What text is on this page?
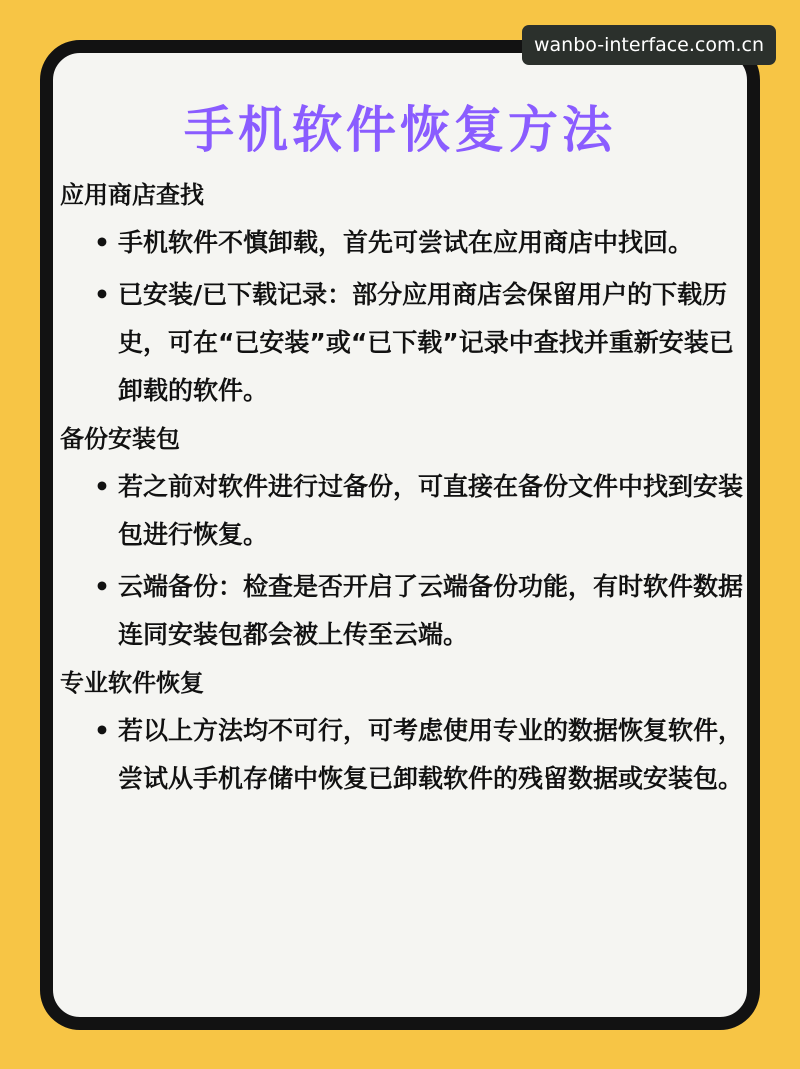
wanbo-interface.com.cn
手机软件恢复方法
应用商店查找
• 手机软件不慎卸载，首先可尝试在应用商店中找回。
• 已安装/已下载记录：部分应用商店会保留用户的下载历史，可在“已安装”或“已下载”记录中查找并重新安装已卸载的软件。
备份安装包
• 若之前对软件进行过备份，可直接在备份文件中找到安装包进行恢复。
• 云端备份：检查是否开启了云端备份功能，有时软件数据连同安装包都会被上传至云端。
专业软件恢复
• 若以上方法均不可行，可考虑使用专业的数据恢复软件，尝试从手机存储中恢复已卸载软件的残留数据或安装包。
